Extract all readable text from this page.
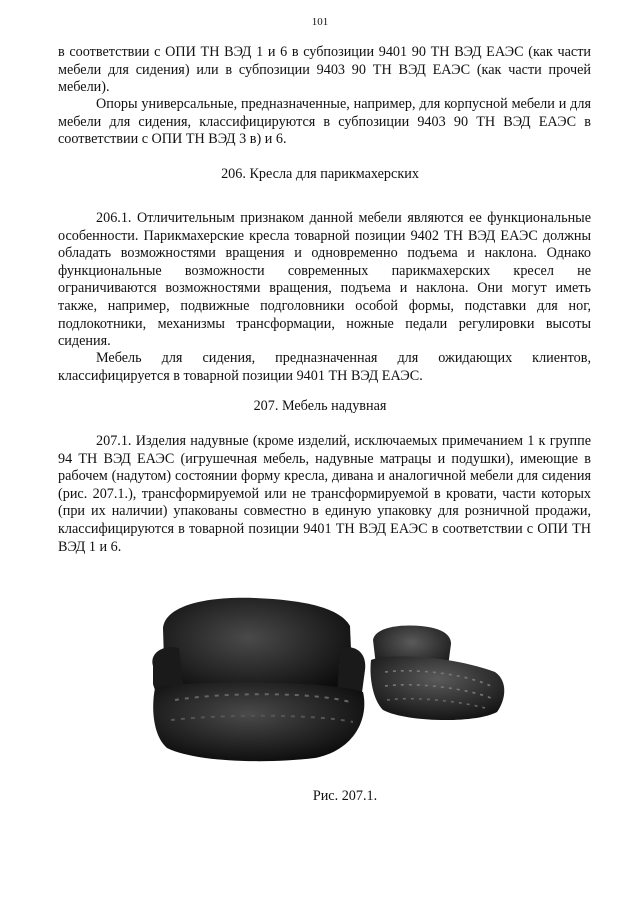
101

в соответствии с ОПИ ТН ВЭД 1 и 6 в субпозиции 9401 90 ТН ВЭД ЕАЭС (как части мебели для сидения) или в субпозиции 9403 90 ТН ВЭД ЕАЭС (как части прочей мебели).

Опоры универсальные, предназначенные, например, для корпусной мебели и для мебели для сидения, классифицируются в субпозиции 9403 90 ТН ВЭД ЕАЭС в соответствии с ОПИ ТН ВЭД 3 в) и 6.

206. Кресла для парикмахерских

206.1. Отличительным признаком данной мебели являются ее функциональные особенности. Парикмахерские кресла товарной позиции 9402 ТН ВЭД ЕАЭС должны обладать возможностями вращения и одновременно подъема и наклона. Однако функциональные возможности современных парикмахерских кресел не ограничиваются возможностями вращения, подъема и наклона. Они могут иметь также, например, подвижные подголовники особой формы, подставки для ног, подлокотники, механизмы трансформации, ножные педали регулировки высоты сидения.

Мебель для сидения, предназначенная для ожидающих клиентов, классифицируется в товарной позиции 9401 ТН ВЭД ЕАЭС.

207. Мебель надувная

207.1. Изделия надувные (кроме изделий, исключаемых примечанием 1 к группе 94 ТН ВЭД ЕАЭС (игрушечная мебель, надувные матрацы и подушки), имеющие в рабочем (надутом) состоянии форму кресла, дивана и аналогичной мебели для сидения (рис. 207.1.), трансформируемой или не трансформируемой в кровати, части которых (при их наличии) упакованы совместно в единую упаковку для розничной продажи, классифицируются в товарной позиции 9401 ТН ВЭД ЕАЭС в соответствии с ОПИ ТН ВЭД 1 и 6.

Рис. 207.1.
